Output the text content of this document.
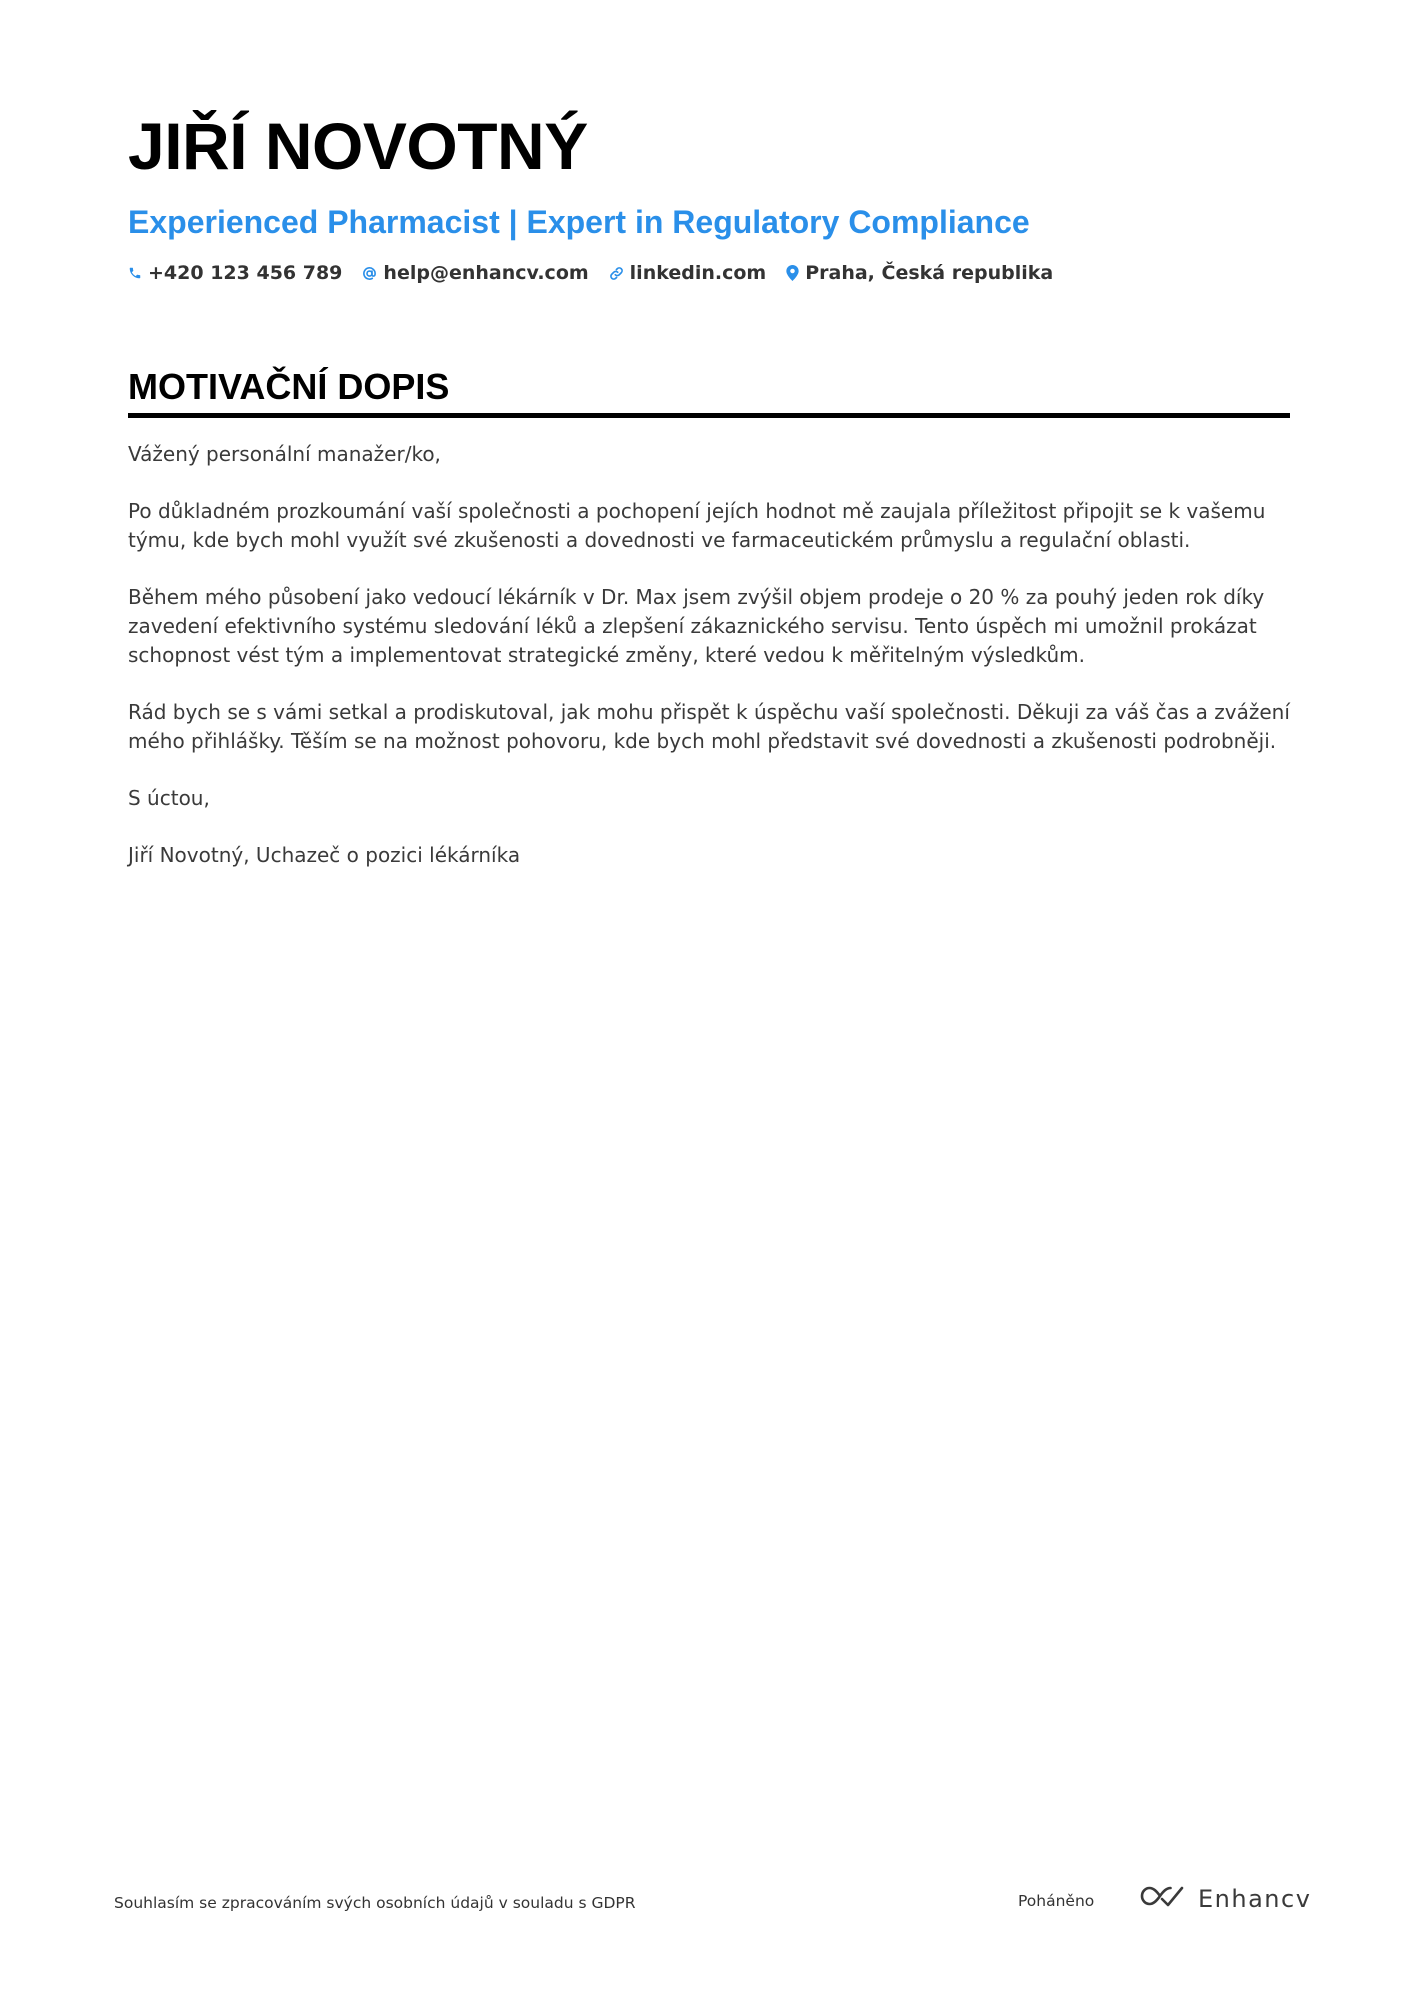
JIŘÍ NOVOTNÝ
Experienced Pharmacist | Expert in Regulatory Compliance
+420 123 456 789 help@enhancv.com linkedin.com Praha, Česká republika
MOTIVAČNÍ DOPIS

Vážený personální manažer/ko,

Po důkladném prozkoumání vaší společnosti a pochopení jejích hodnot mě zaujala příležitost připojit se k vašemu týmu, kde bych mohl využít své zkušenosti a dovednosti ve farmaceutickém průmyslu a regulační oblasti.

Během mého působení jako vedoucí lékárník v Dr. Max jsem zvýšil objem prodeje o 20 % za pouhý jeden rok díky zavedení efektivního systému sledování léků a zlepšení zákaznického servisu. Tento úspěch mi umožnil prokázat schopnost vést tým a implementovat strategické změny, které vedou k měřitelným výsledkům.

Rád bych se s vámi setkal a prodiskutoval, jak mohu přispět k úspěchu vaší společnosti. Děkuji za váš čas a zvážení mého přihlášky. Těším se na možnost pohovoru, kde bych mohl představit své dovednosti a zkušenosti podrobněji.

S úctou,

Jiří Novotný, Uchazeč o pozici lékárníka

Souhlasím se zpracováním svých osobních údajů v souladu s GDPR	Poháněno	Enhancv
